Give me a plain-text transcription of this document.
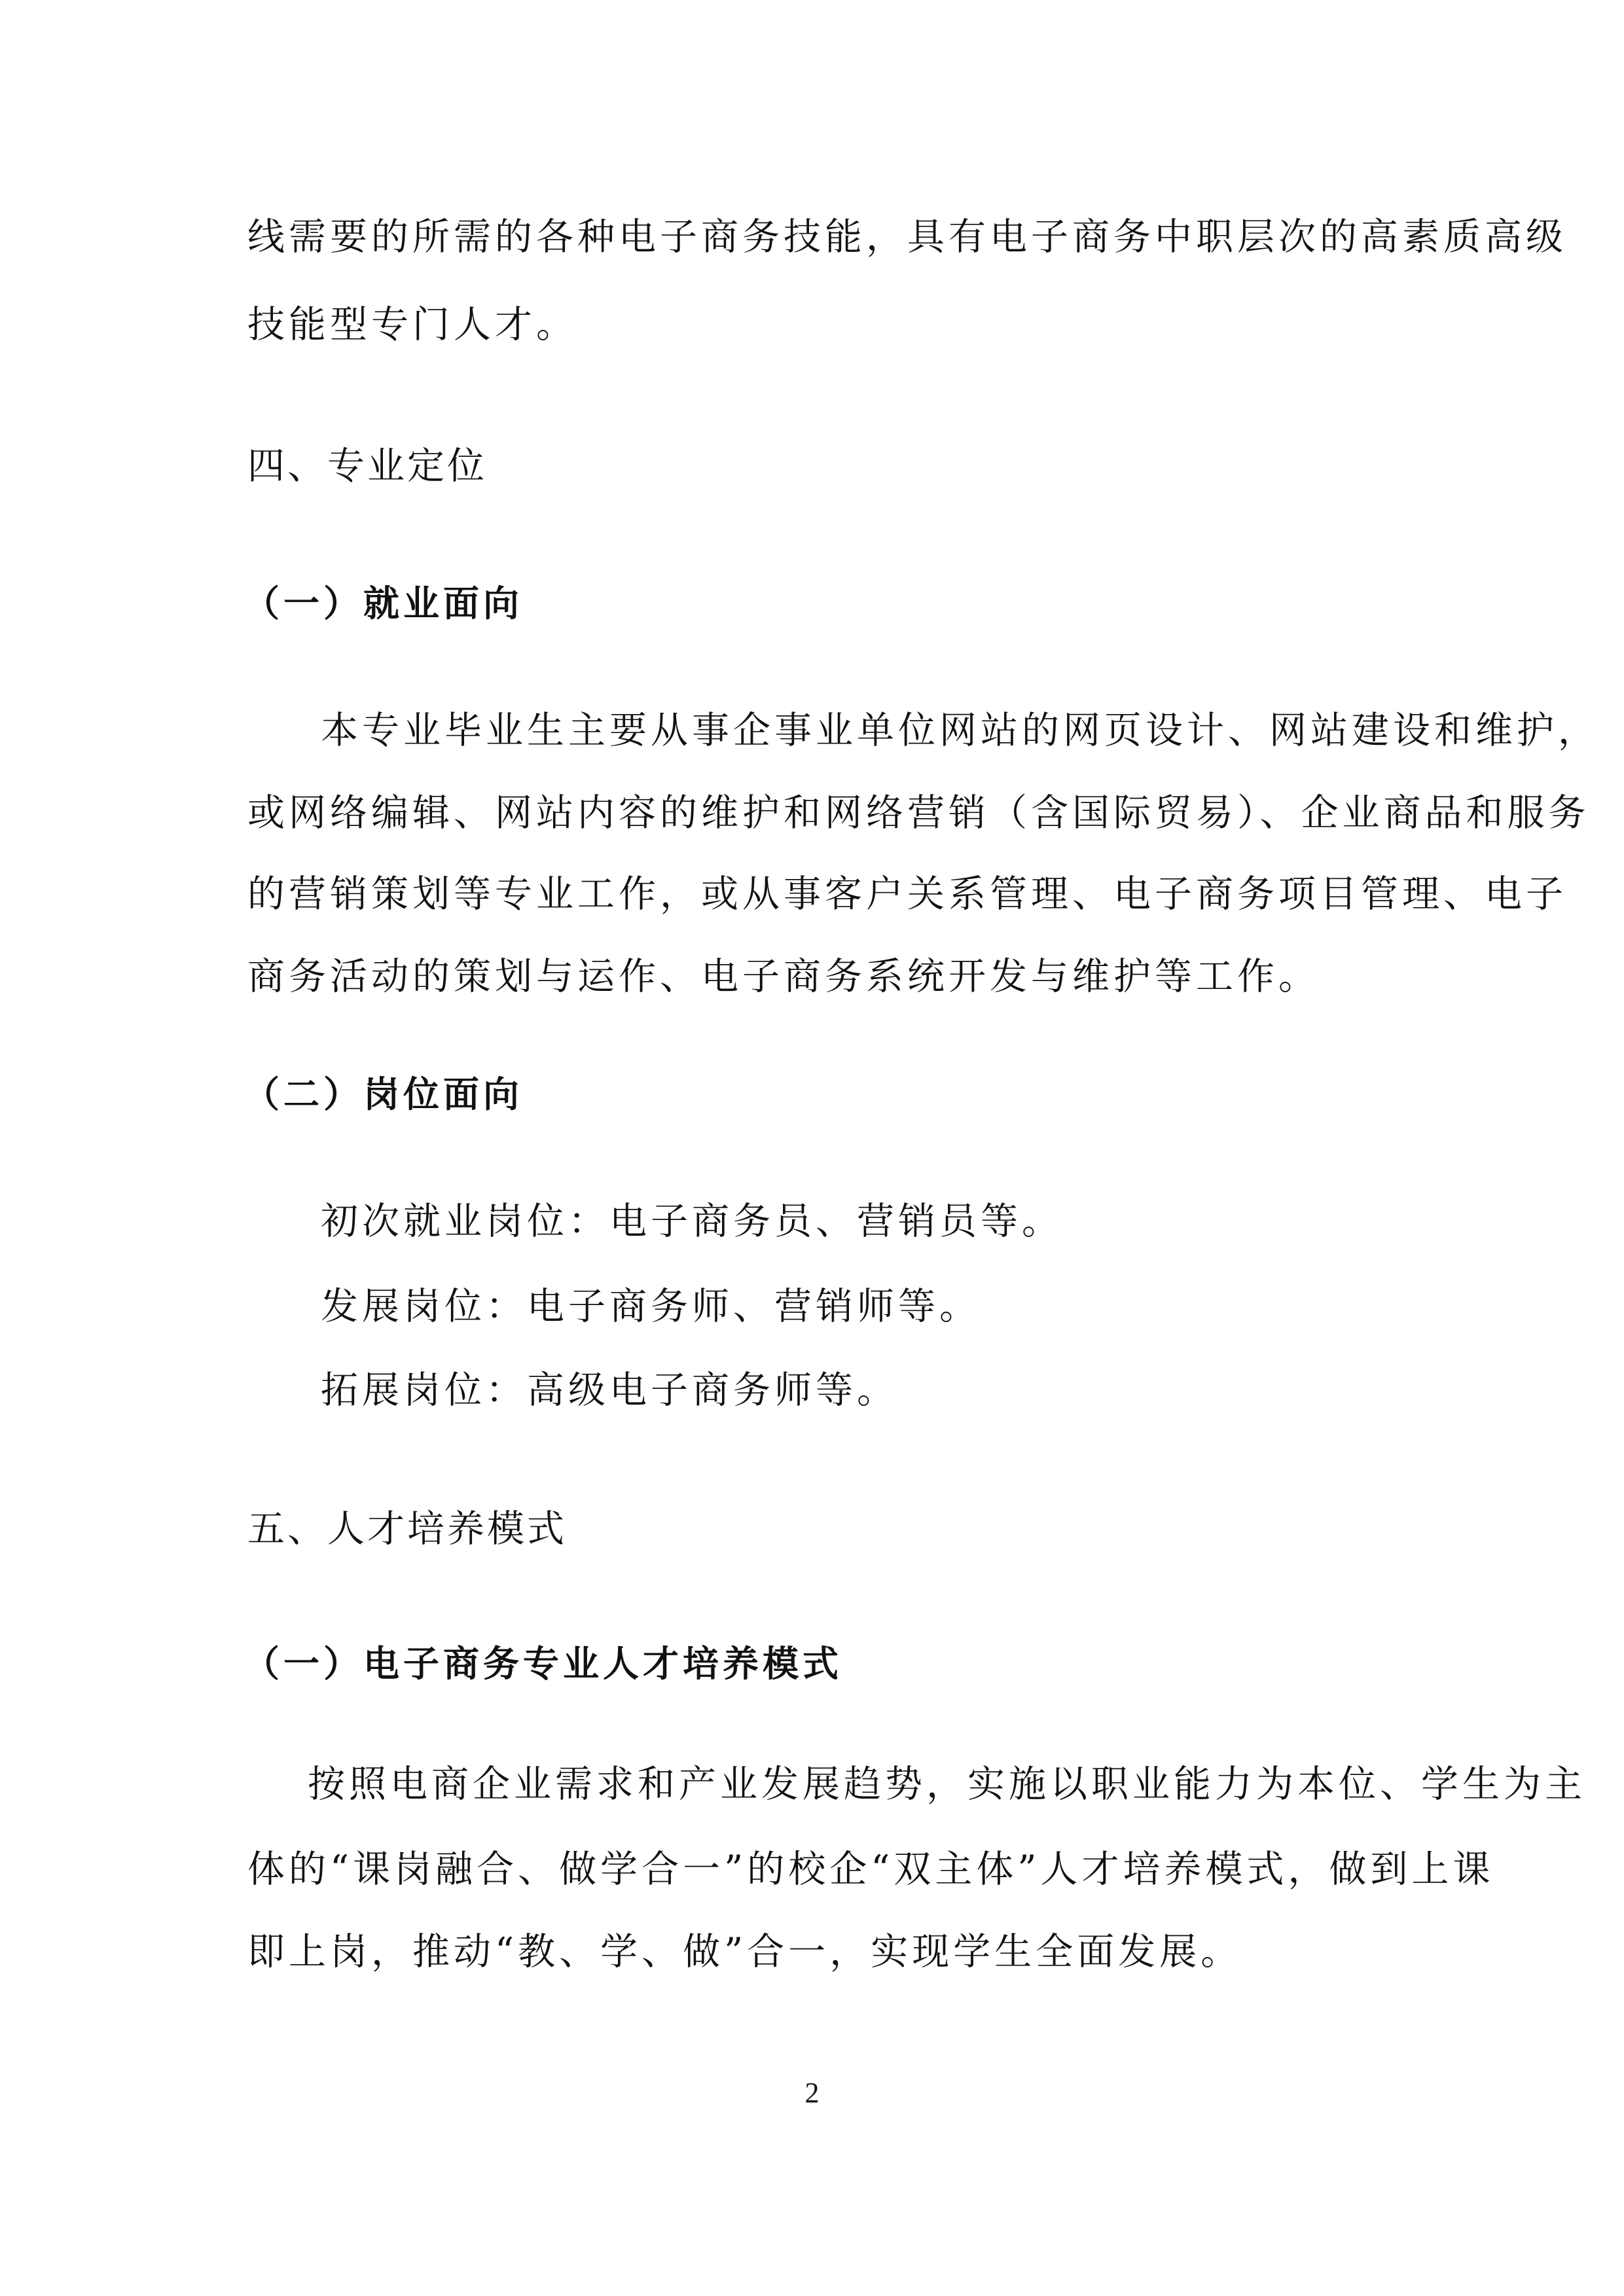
线需要的所需的各种电子商务技能，具有电子商务中职层次的高素质高级
技能型专门人才。
四、专业定位
（一）就业面向
本专业毕业生主要从事企事业单位网站的网页设计、网站建设和维护，
或网络编辑、网站内容的维护和网络营销（含国际贸易）、企业商品和服务
的营销策划等专业工作，或从事客户关系管理、电子商务项目管理、电子
商务活动的策划与运作、电子商务系统开发与维护等工作。
（二）岗位面向
初次就业岗位：电子商务员、营销员等。
发展岗位：电子商务师、营销师等。
拓展岗位：高级电子商务师等。
五、人才培养模式
（一）电子商务专业人才培养模式
按照电商企业需求和产业发展趋势，实施以职业能力为本位、学生为主
体的“课岗融合、做学合一”的校企“双主体”人才培养模式，做到上课
即上岗，推动“教、学、做”合一，实现学生全面发展。
2
